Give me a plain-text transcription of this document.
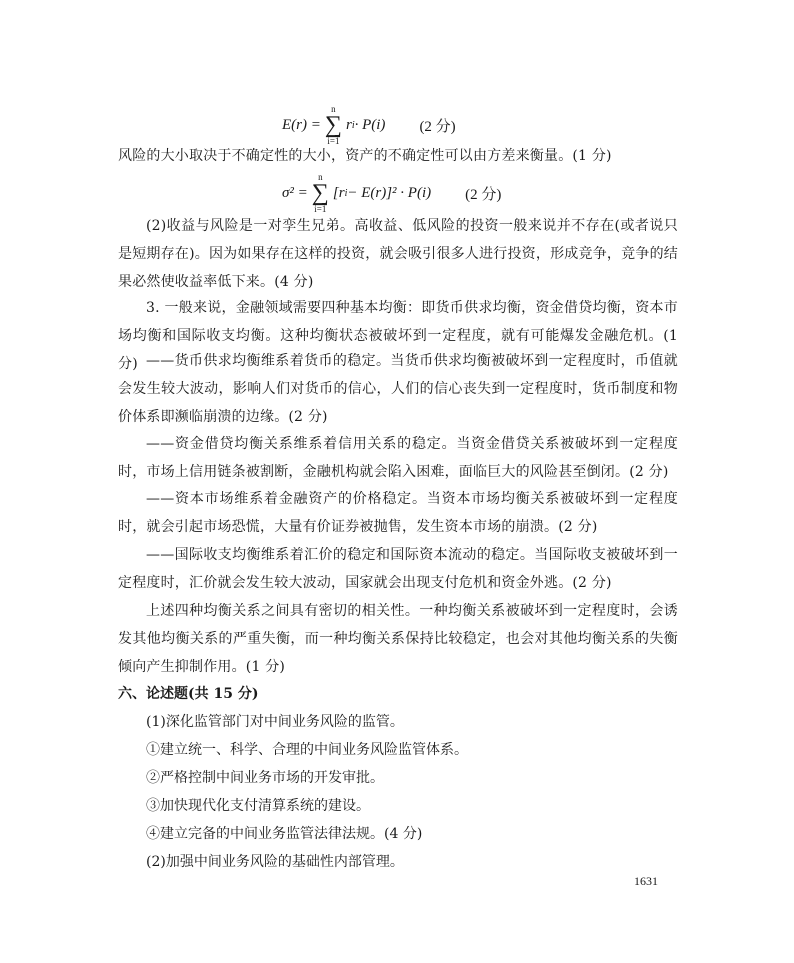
E(r) =
n
∑
i=1
r i · P(i) (2 分)

风险的大小取决于不确定性的大小，资产的不确定性可以由方差来衡量。(1 分)

σ² =
n
∑
i=1
[r i − E(r)]² · P(i) (2 分)

(2)收益与风险是一对孪生兄弟。高收益、低风险的投资一般来说并不存在(或者说只是短期存在)。因为如果存在这样的投资，就会吸引很多人进行投资，形成竞争，竞争的结果必然使收益率低下来。(4 分)

3. 一般来说，金融领域需要四种基本均衡：即货币供求均衡，资金借贷均衡，资本市场均衡和国际收支均衡。这种均衡状态被破坏到一定程度，就有可能爆发金融危机。(1 分) ——货币供求均衡维系着货币的稳定。当货币供求均衡被破坏到一定程度时，币值就会发生较大波动，影响人们对货币的信心，人们的信心丧失到一定程度时，货币制度和物价体系即濒临崩溃的边缘。(2 分)

——资金借贷均衡关系维系着信用关系的稳定。当资金借贷关系被破坏到一定程度时，市场上信用链条被割断，金融机构就会陷入困难，面临巨大的风险甚至倒闭。(2 分)

——资本市场维系着金融资产的价格稳定。当资本市场均衡关系被破坏到一定程度时，就会引起市场恐慌，大量有价证券被抛售，发生资本市场的崩溃。(2 分)

——国际收支均衡维系着汇价的稳定和国际资本流动的稳定。当国际收支被破坏到一定程度时，汇价就会发生较大波动，国家就会出现支付危机和资金外逃。(2 分)

上述四种均衡关系之间具有密切的相关性。一种均衡关系被破坏到一定程度时，会诱发其他均衡关系的严重失衡，而一种均衡关系保持比较稳定，也会对其他均衡关系的失衡倾向产生抑制作用。(1 分)

六、论述题(共 15 分)
(1)深化监管部门对中间业务风险的监管。
①建立统一、科学、合理的中间业务风险监管体系。
②严格控制中间业务市场的开发审批。
③加快现代化支付清算系统的建设。
④建立完备的中间业务监管法律法规。(4 分)
(2)加强中间业务风险的基础性内部管理。
1631
